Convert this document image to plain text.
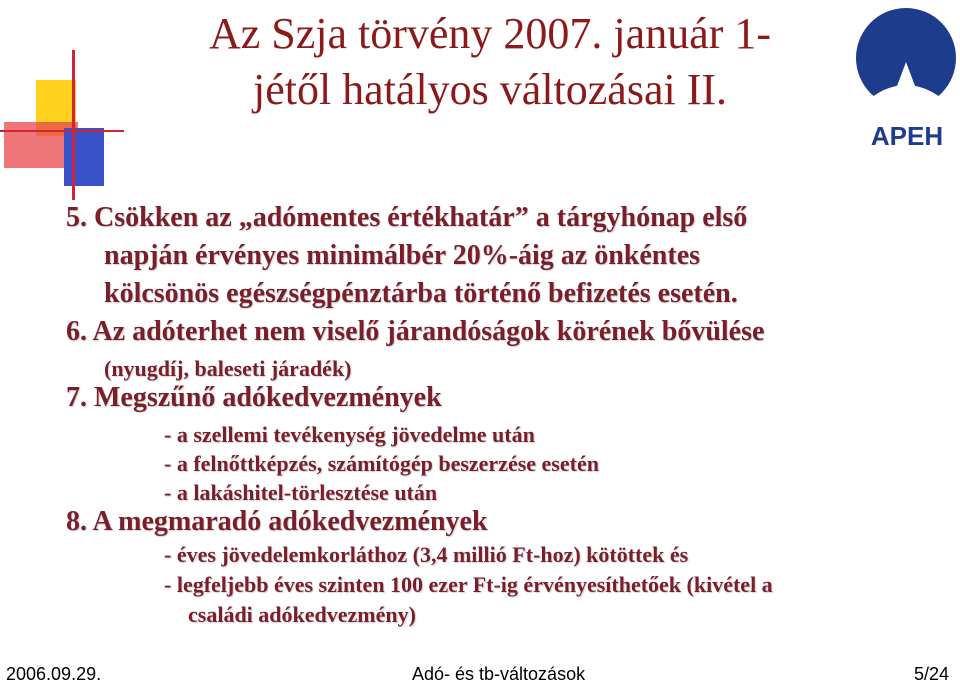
Az Szja törvény 2007. január 1-
jétől hatályos változásai II.
APEH
5. Csökken az „adómentes értékhatár” a tárgyhónap első
napján érvényes minimálbér 20%-áig az önkéntes
kölcsönös egészségpénztárba történő befizetés esetén.
6. Az adóterhet nem viselő járandóságok körének bővülése
(nyugdíj, baleseti járadék)
7. Megszűnő adókedvezmények
- a szellemi tevékenység jövedelme után
- a felnőttképzés, számítógép beszerzése esetén
- a lakáshitel-törlesztése után
8. A megmaradó adókedvezmények
- éves jövedelemkorláthoz (3,4 millió Ft-hoz) kötöttek és
- legfeljebb éves szinten 100 ezer Ft-ig érvényesíthetőek (kivétel a
családi adókedvezmény)
2006.09.29.	Adó- és tb-változások	5/24
